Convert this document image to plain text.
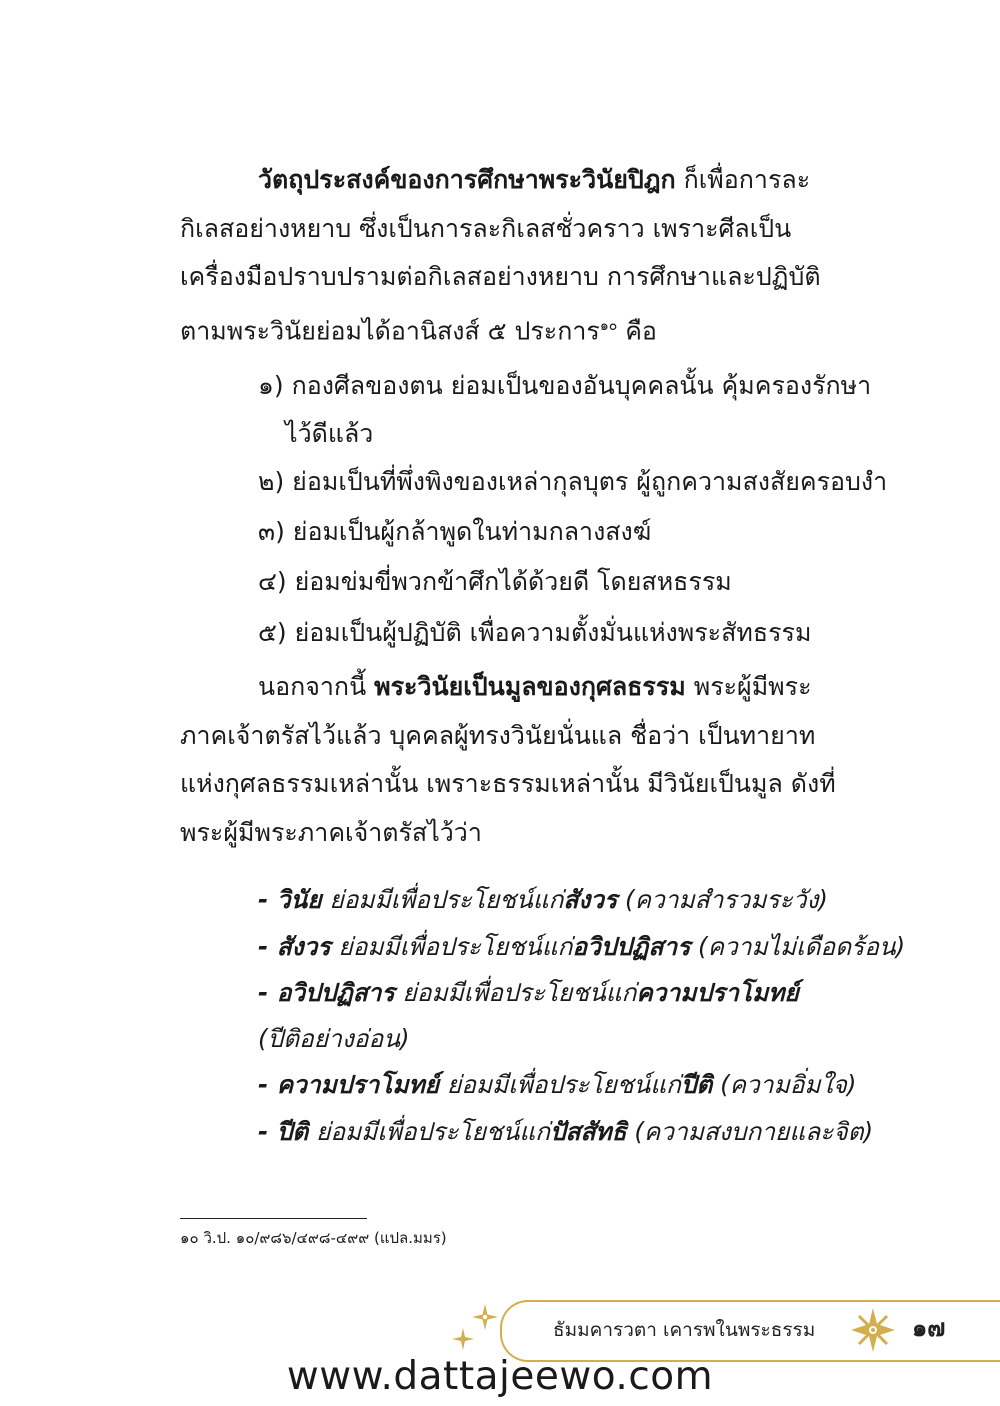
วัตถุประสงค์ของการศึกษาพระวินัยปิฎก ก็เพื่อการละกิเลสอย่างหยาบ ซึ่งเป็นการละกิเลสชั่วคราว เพราะศีลเป็นเครื่องมือปราบปรามต่อกิเลสอย่างหยาบ การศึกษาและปฏิบัติตามพระวินัยย่อมได้อานิสงส์ ๕ ประการ$^{๑๐}$ คือ

๑) กองศีลของตน ย่อมเป็นของอันบุคคลนั้น คุ้มครองรักษา
ไว้ดีแล้ว
๒) ย่อมเป็นที่พึ่งพิงของเหล่ากุลบุตร ผู้ถูกความสงสัยครอบงำ
๓) ย่อมเป็นผู้กล้าพูดในท่ามกลางสงฆ์
๔) ย่อมข่มขี่พวกข้าศึกได้ด้วยดี โดยสหธรรม
๕) ย่อมเป็นผู้ปฏิบัติ เพื่อความตั้งมั่นแห่งพระสัทธรรม

นอกจากนี้ พระวินัยเป็นมูลของกุศลธรรม พระผู้มีพระภาคเจ้าตรัสไว้แล้ว บุคคลผู้ทรงวินัยนั่นแล ชื่อว่า เป็นทายาทแห่งกุศลธรรมเหล่านั้น เพราะธรรมเหล่านั้น มีวินัยเป็นมูล ดังที่พระผู้มีพระภาคเจ้าตรัสไว้ว่า

- วินัย ย่อมมีเพื่อประโยชน์แก่สังวร (ความสำรวมระวัง)
- สังวร ย่อมมีเพื่อประโยชน์แก่อวิปปฏิสาร (ความไม่เดือดร้อน)
- อวิปปฏิสาร ย่อมมีเพื่อประโยชน์แก่ความปราโมทย์
(ปีติอย่างอ่อน)
- ความปราโมทย์ ย่อมมีเพื่อประโยชน์แก่ปีติ (ความอิ่มใจ)
- ปีติ ย่อมมีเพื่อประโยชน์แก่ปัสสัทธิ (ความสงบกายและจิต)
๑๐ วิ.ป. ๑๐/๙๘๖/๔๙๘-๔๙๙ (แปล.มมร)
ธัมมคารวตา เคารพในพระธรรม	๑๗
www.dattajeewo.com
